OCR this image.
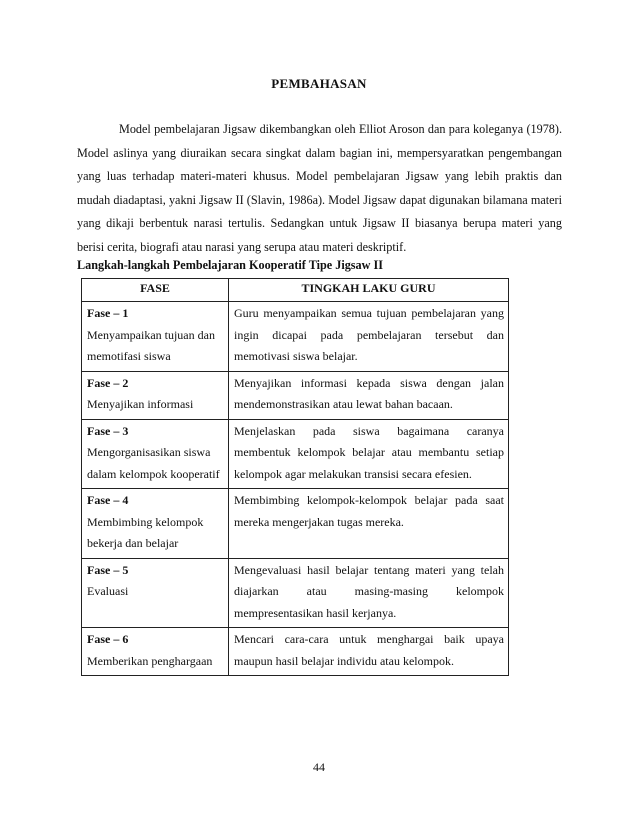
PEMBAHASAN

Model pembelajaran Jigsaw dikembangkan oleh Elliot Aroson dan para koleganya (1978). Model aslinya yang diuraikan secara singkat dalam bagian ini, mempersyaratkan pengembangan yang luas terhadap materi-materi khusus. Model pembelajaran Jigsaw yang lebih praktis dan mudah diadaptasi, yakni Jigsaw II (Slavin, 1986a). Model Jigsaw dapat digunakan bilamana materi yang dikaji berbentuk narasi tertulis. Sedangkan untuk Jigsaw II biasanya berupa materi yang berisi cerita, biografi atau narasi yang serupa atau materi deskriptif.

Langkah-langkah Pembelajaran Kooperatif Tipe Jigsaw II

FASE	TINGKAH LAKU GURU

Fase – 1
Menyampaikan tujuan dan memotifasi siswa	Guru menyampaikan semua tujuan pembelajaran yang ingin dicapai pada pembelajaran tersebut dan memotivasi siswa belajar.

Fase – 2
Menyajikan informasi	Menyajikan informasi kepada siswa dengan jalan mendemonstrasikan atau lewat bahan bacaan.

Fase – 3
Mengorganisasikan siswa dalam kelompok kooperatif	Menjelaskan pada siswa bagaimana caranya membentuk kelompok belajar atau membantu setiap kelompok agar melakukan transisi secara efesien.

Fase – 4
Membimbing kelompok bekerja dan belajar	Membimbing kelompok-kelompok belajar pada saat mereka mengerjakan tugas mereka.

Fase – 5
Evaluasi	Mengevaluasi hasil belajar tentang materi yang telah diajarkan atau masing-masing kelompok mempresentasikan hasil kerjanya.

Fase – 6
Memberikan penghargaan	Mencari cara-cara untuk menghargai baik upaya maupun hasil belajar individu atau kelompok.

44
